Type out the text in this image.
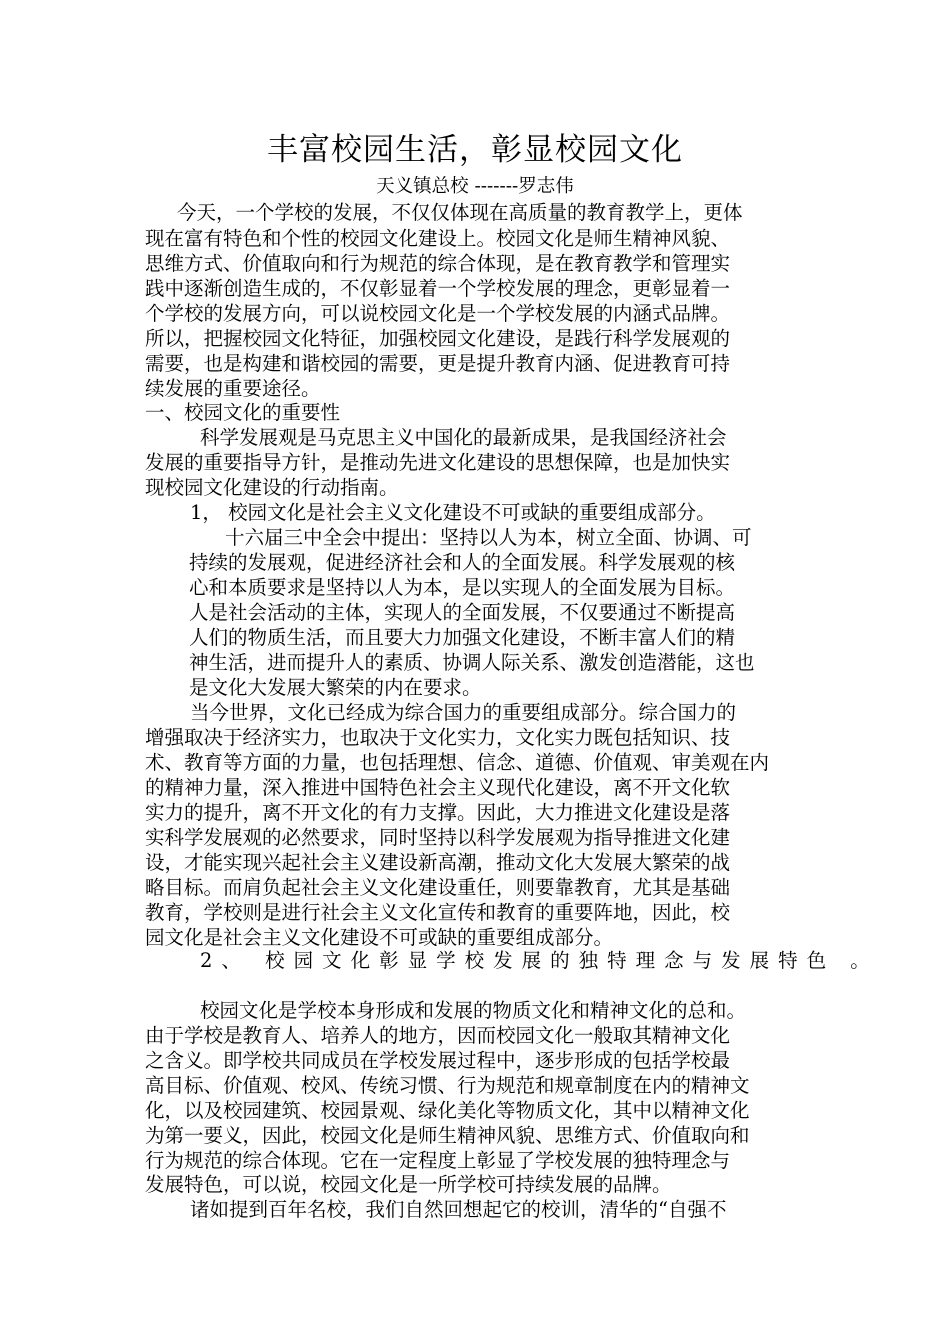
丰富校园生活，彰显校园文化
天义镇总校 -------罗志伟
今天，一个学校的发展，不仅仅体现在高质量的教育教学上，更体
现在富有特色和个性的校园文化建设上。校园文化是师生精神风貌、
思维方式、价值取向和行为规范的综合体现，是在教育教学和管理实
践中逐渐创造生成的，不仅彰显着一个学校发展的理念，更彰显着一
个学校的发展方向，可以说校园文化是一个学校发展的内涵式品牌。
所以，把握校园文化特征，加强校园文化建设，是践行科学发展观的
需要，也是构建和谐校园的需要，更是提升教育内涵、促进教育可持
续发展的重要途径。
一、校园文化的重要性
科学发展观是马克思主义中国化的最新成果，是我国经济社会
发展的重要指导方针，是推动先进文化建设的思想保障，也是加快实
现校园文化建设的行动指南。
1， 校园文化是社会主义文化建设不可或缺的重要组成部分。
十六届三中全会中提出：坚持以人为本，树立全面、协调、可
持续的发展观，促进经济社会和人的全面发展。科学发展观的核
心和本质要求是坚持以人为本，是以实现人的全面发展为目标。
人是社会活动的主体，实现人的全面发展，不仅要通过不断提高
人们的物质生活，而且要大力加强文化建设，不断丰富人们的精
神生活，进而提升人的素质、协调人际关系、激发创造潜能，这也
是文化大发展大繁荣的内在要求。
当今世界，文化已经成为综合国力的重要组成部分。综合国力的
增强取决于经济实力，也取决于文化实力，文化实力既包括知识、技
术、教育等方面的力量，也包括理想、信念、道德、价值观、审美观在内
的精神力量，深入推进中国特色社会主义现代化建设，离不开文化软
实力的提升，离不开文化的有力支撑。因此，大力推进文化建设是落
实科学发展观的必然要求，同时坚持以科学发展观为指导推进文化建
设，才能实现兴起社会主义建设新高潮，推动文化大发展大繁荣的战
略目标。而肩负起社会主义文化建设重任，则要靠教育，尤其是基础
教育，学校则是进行社会主义文化宣传和教育的重要阵地，因此，校
园文化是社会主义文化建设不可或缺的重要组成部分。
2、 校园文化彰显学校发展的独特理念与发展特色 。
校园文化是学校本身形成和发展的物质文化和精神文化的总和。
由于学校是教育人、培养人的地方，因而校园文化一般取其精神文化
之含义。即学校共同成员在学校发展过程中，逐步形成的包括学校最
高目标、价值观、校风、传统习惯、行为规范和规章制度在内的精神文
化，以及校园建筑、校园景观、绿化美化等物质文化，其中以精神文化
为第一要义，因此，校园文化是师生精神风貌、思维方式、价值取向和
行为规范的综合体现。它在一定程度上彰显了学校发展的独特理念与
发展特色，可以说，校园文化是一所学校可持续发展的品牌。
诸如提到百年名校，我们自然回想起它的校训，清华的“自强不
